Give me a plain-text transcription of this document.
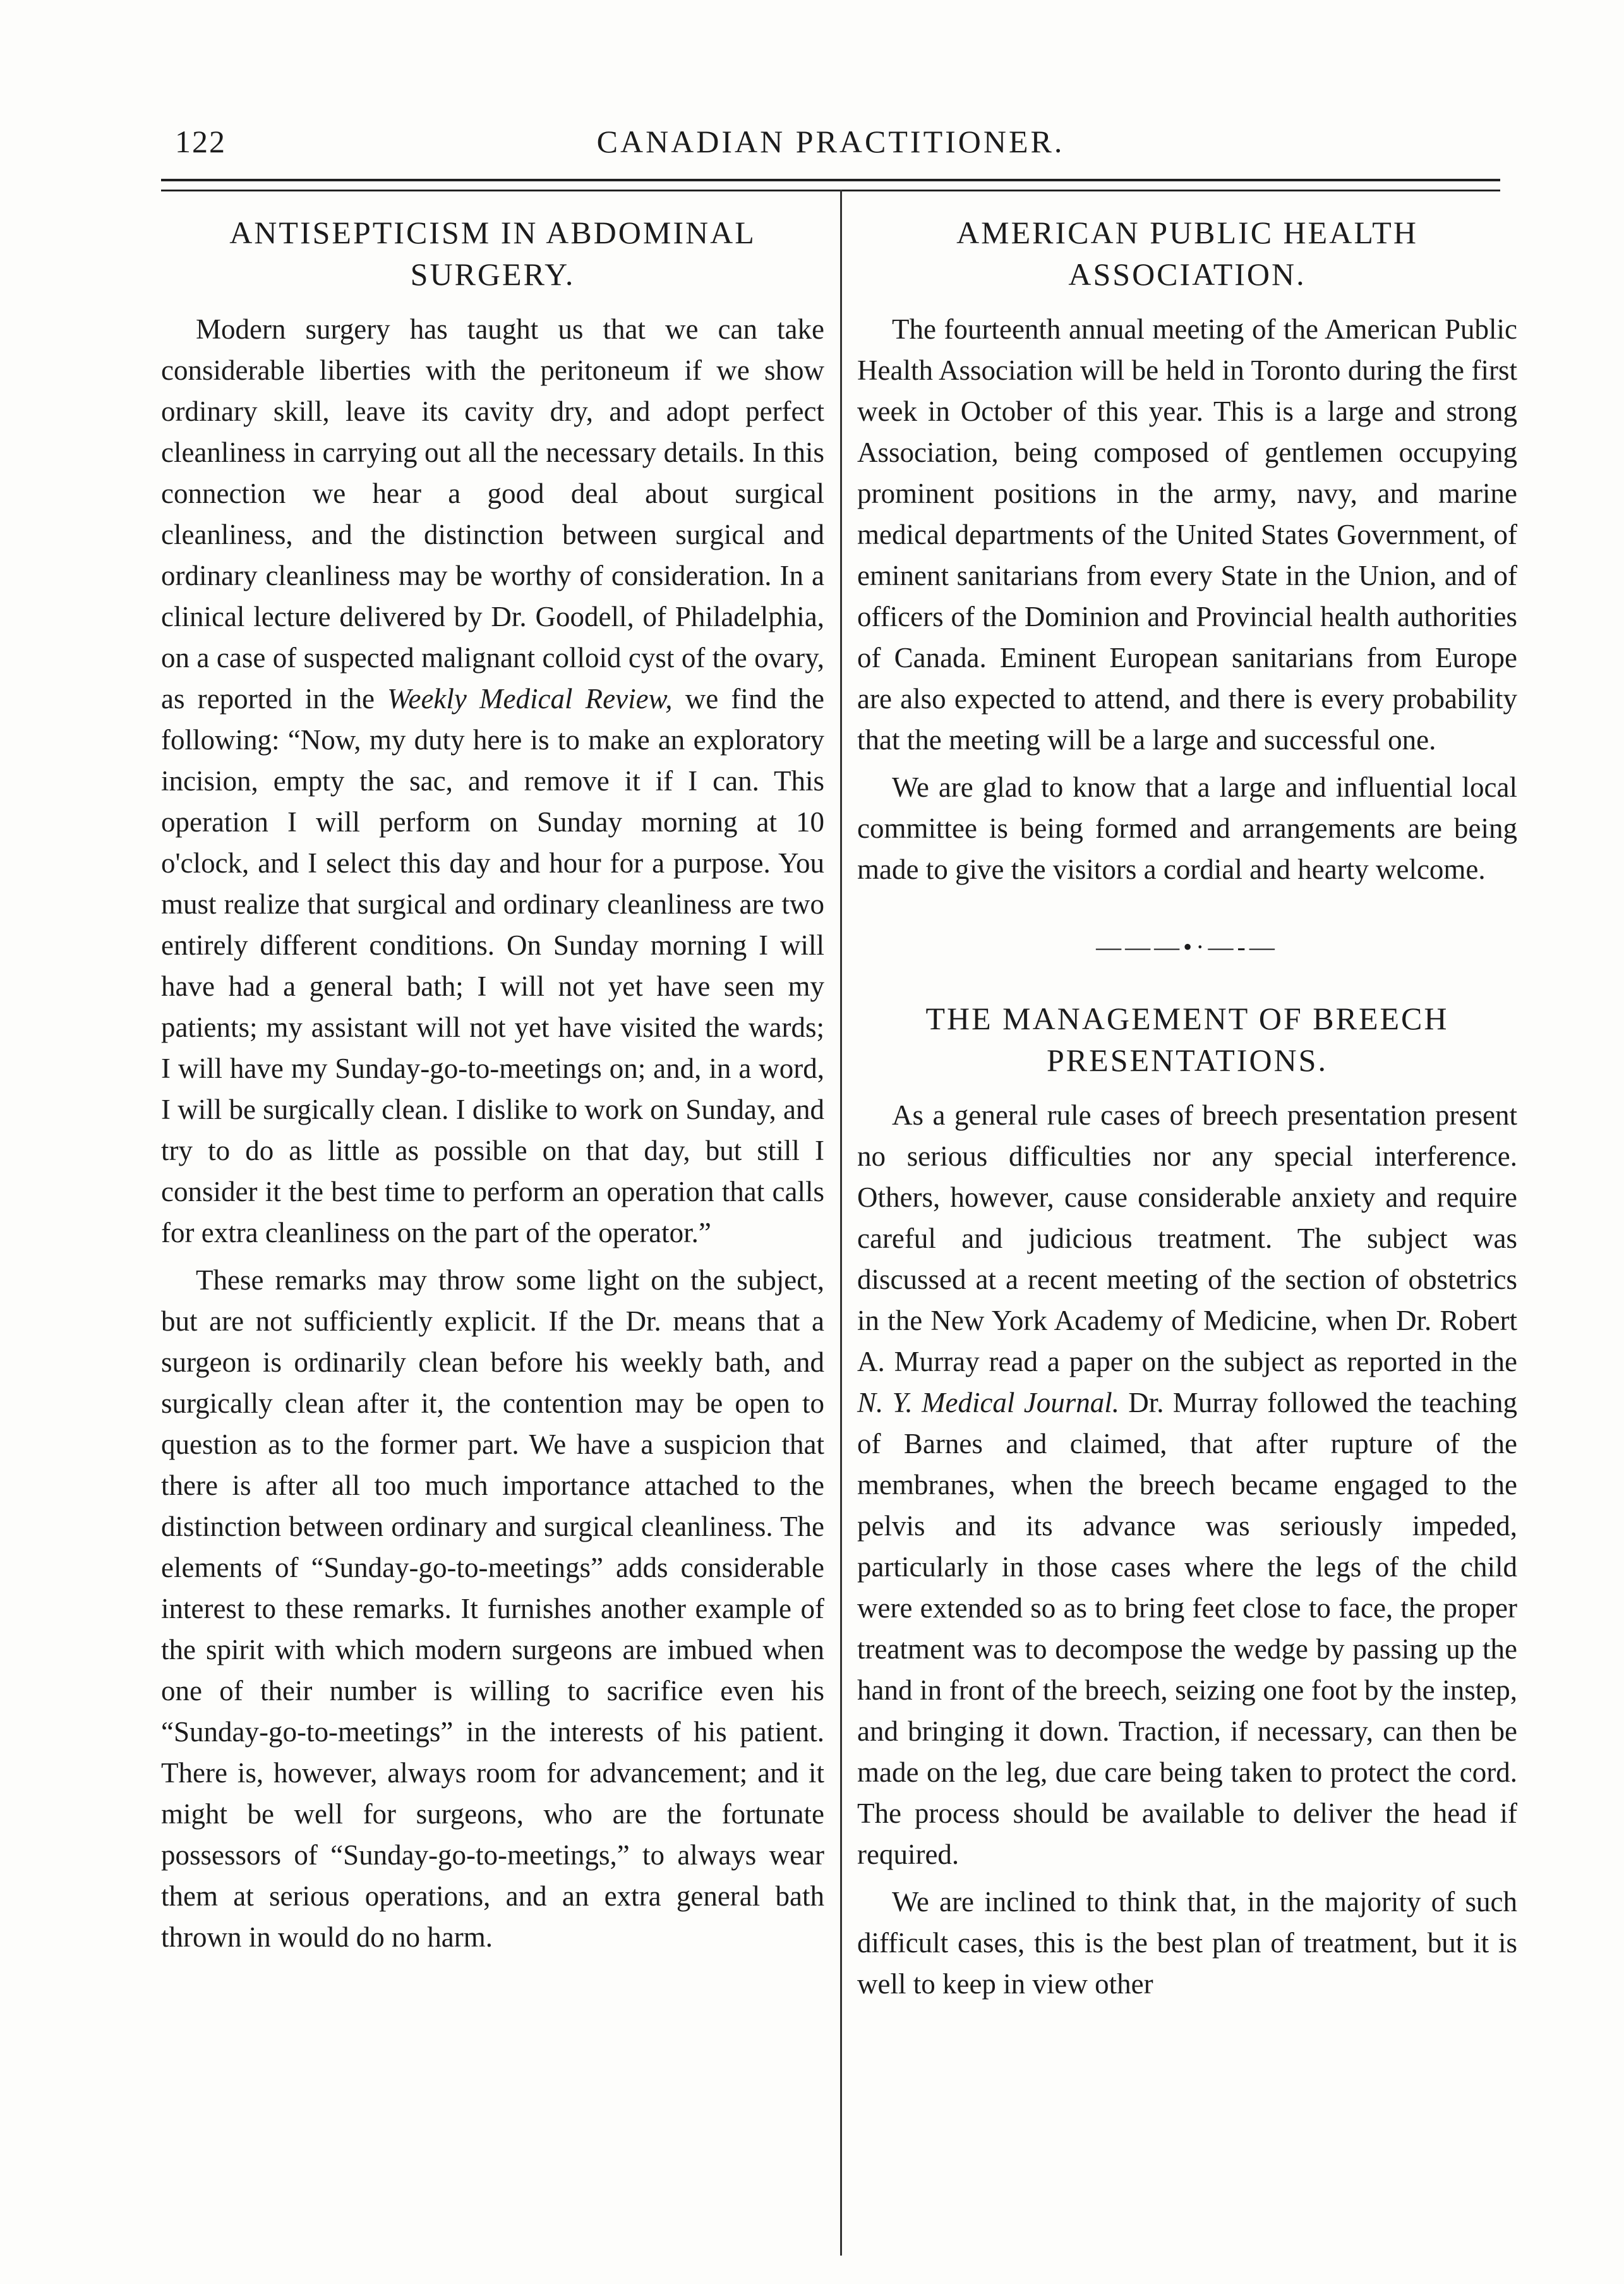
122	CANADIAN PRACTITIONER.
ANTISEPTICISM IN ABDOMINAL SURGERY.

Modern surgery has taught us that we can take considerable liberties with the peritoneum if we show ordinary skill, leave its cavity dry, and adopt perfect cleanliness in carrying out all the necessary details. In this connection we hear a good deal about surgical cleanliness, and the distinction between surgical and ordinary cleanliness may be worthy of consideration. In a clinical lecture delivered by Dr. Goodell, of Philadelphia, on a case of suspected malignant colloid cyst of the ovary, as reported in the Weekly Medical Review, we find the following: “Now, my duty here is to make an exploratory incision, empty the sac, and remove it if I can. This operation I will perform on Sunday morning at 10 o'clock, and I select this day and hour for a purpose. You must realize that surgical and ordinary cleanliness are two entirely different conditions. On Sunday morning I will have had a general bath; I will not yet have seen my patients; my assistant will not yet have visited the wards; I will have my Sunday-go-to-meetings on; and, in a word, I will be surgically clean. I dislike to work on Sunday, and try to do as little as possible on that day, but still I consider it the best time to perform an operation that calls for extra cleanliness on the part of the operator.”

These remarks may throw some light on the subject, but are not sufficiently explicit. If the Dr. means that a surgeon is ordinarily clean before his weekly bath, and surgically clean after it, the contention may be open to question as to the former part. We have a suspicion that there is after all too much importance attached to the distinction between ordinary and surgical cleanliness. The elements of “Sunday-go-to-meetings” adds considerable interest to these remarks. It furnishes another example of the spirit with which modern surgeons are imbued when one of their number is willing to sacrifice even his “Sunday-go-to-meetings” in the interests of his patient. There is, however, always room for advancement; and it might be well for surgeons, who are the fortunate possessors of “Sunday-go-to-meetings,” to always wear them at serious operations, and an extra general bath thrown in would do no harm.

AMERICAN PUBLIC HEALTH ASSOCIATION.

The fourteenth annual meeting of the American Public Health Association will be held in Toronto during the first week in October of this year. This is a large and strong Association, being composed of gentlemen occupying prominent positions in the army, navy, and marine medical departments of the United States Government, of eminent sanitarians from every State in the Union, and of officers of the Dominion and Provincial health authorities of Canada. Eminent European sanitarians from Europe are also expected to attend, and there is every probability that the meeting will be a large and successful one.

We are glad to know that a large and influential local committee is being formed and arrangements are being made to give the visitors a cordial and hearty welcome.

———•·—-—
THE MANAGEMENT OF BREECH PRESENTATIONS.

As a general rule cases of breech presentation present no serious difficulties nor any special interference. Others, however, cause considerable anxiety and require careful and judicious treatment. The subject was discussed at a recent meeting of the section of obstetrics in the New York Academy of Medicine, when Dr. Robert A. Murray read a paper on the subject as reported in the N. Y. Medical Journal. Dr. Murray followed the teaching of Barnes and claimed, that after rupture of the membranes, when the breech became engaged to the pelvis and its advance was seriously impeded, particularly in those cases where the legs of the child were extended so as to bring feet close to face, the proper treatment was to decompose the wedge by passing up the hand in front of the breech, seizing one foot by the instep, and bringing it down. Traction, if necessary, can then be made on the leg, due care being taken to protect the cord. The process should be available to deliver the head if required.

We are inclined to think that, in the majority of such difficult cases, this is the best plan of treatment, but it is well to keep in view other
